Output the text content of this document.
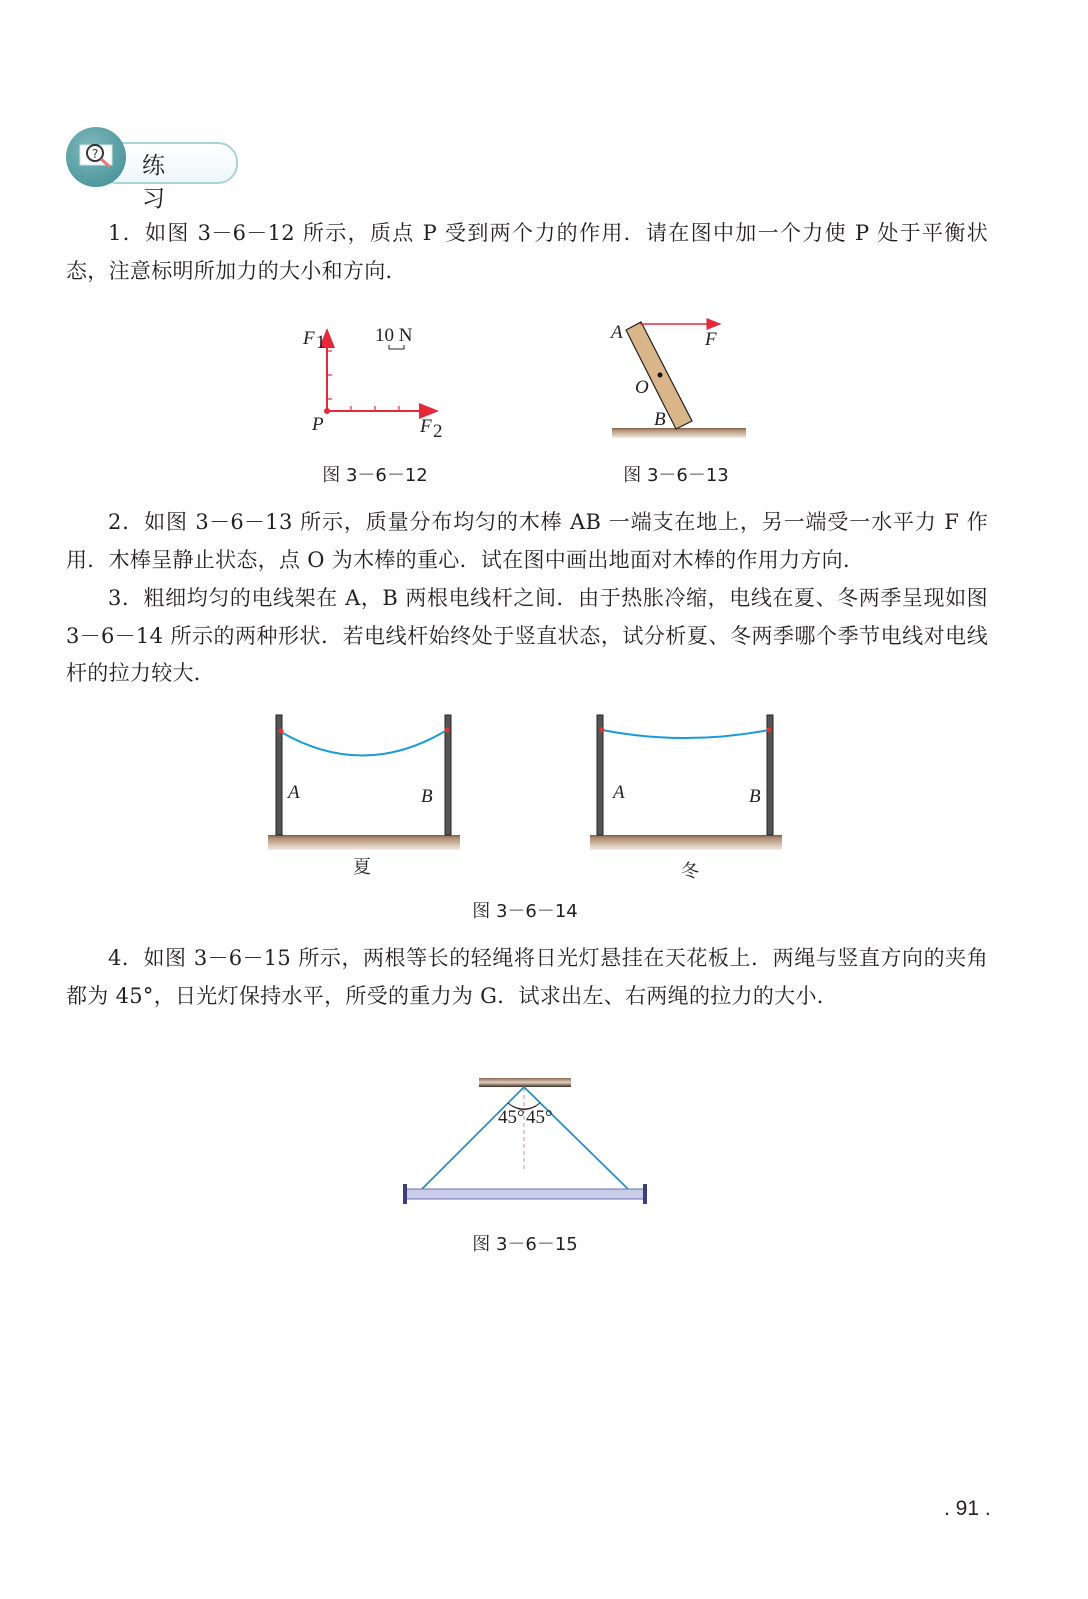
? 练 习
1．如图 3－6－12 所示，质点 P 受到两个力的作用．请在图中加一个力使 P 处于平衡状态，注意标明所加力的大小和方向．
2．如图 3－6－13 所示，质量分布均匀的木棒 AB 一端支在地上，另一端受一水平力 F 作用．木棒呈静止状态，点 O 为木棒的重心．试在图中画出地面对木棒的作用力方向．
3．粗细均匀的电线架在 A，B 两根电线杆之间．由于热胀冷缩，电线在夏、冬两季呈现如图 3－6－14 所示的两种形状．若电线杆始终处于竖直状态，试分析夏、冬两季哪个季节电线对电线杆的拉力较大．
4．如图 3－6－15 所示，两根等长的轻绳将日光灯悬挂在天花板上．两绳与竖直方向的夹角都为 45°，日光灯保持水平，所受的重力为 G．试求出左、右两绳的拉力的大小．
F 1
F 2
P
10 N
图 3－6－12
A	F
O
B
图 3－6－13
A	B
夏
A	B
冬
图 3－6－14
45° 45°
图 3－6－15
. 91 .
